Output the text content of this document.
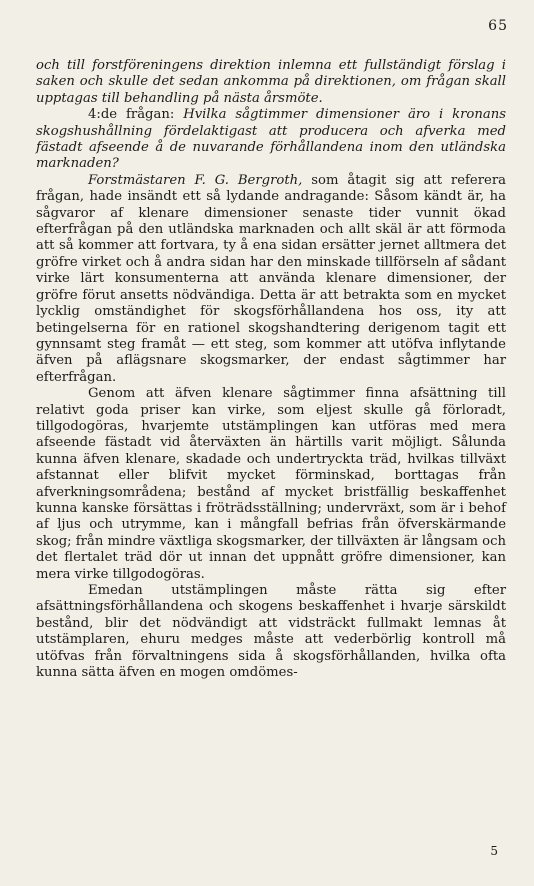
65

och till forstföreningens direktion inlemna ett fullständigt förslag i saken och skulle det sedan ankomma på direktionen, om frågan skall upptagas till behandling på nästa årsmöte.

4:de frågan: Hvilka sågtimmer dimensioner äro i kronans skogshushållning fördelaktigast att producera och afverka med fästadt afseende å de nuvarande förhållandena inom den utländska marknaden?

Forstmästaren F. G. Bergroth, som åtagit sig att referera frågan, hade insändt ett så lydande andragande: Såsom kändt är, ha sågvaror af klenare dimensioner senaste tider vunnit ökad efterfrågan på den utländska marknaden och allt skäl är att förmoda att så kommer att fortvara, ty å ena sidan ersätter jernet alltmera det gröfre virket och å andra sidan har den minskade tillförseln af sådant virke lärt konsumenterna att använda klenare dimensioner, der gröfre förut ansetts nödvändiga. Detta är att betrakta som en mycket lycklig omständighet för skogsförhållandena hos oss, ity att betingelserna för en rationel skogshandtering derigenom tagit ett gynnsamt steg framåt — ett steg, som kommer att utöfva inflytande äfven på aflägsnare skogsmarker, der endast sågtimmer har efterfrågan.

Genom att äfven klenare sågtimmer finna afsättning till relativt goda priser kan virke, som eljest skulle gå förloradt, tillgodogöras, hvarjemte utstämplingen kan utföras med mera afseende fästadt vid återväxten än härtills varit möjligt. Sålunda kunna äfven klenare, skadade och undertryckta träd, hvilkas tillväxt afstannat eller blifvit mycket förminskad, borttagas från afverkningsområdena; bestånd af mycket bristfällig beskaffenhet kunna kanske försättas i fröträdsställning; undervräxt, som är i behof af ljus och utrymme, kan i mångfall befrias från öfverskärmande skog; från mindre växtliga skogsmarker, der tillväxten är långsam och det flertalet träd dör ut innan det uppnått gröfre dimensioner, kan mera virke tillgodogöras.

Emedan utstämplingen måste rätta sig efter afsättningsförhållandena och skogens beskaffenhet i hvarje särskildt bestånd, blir det nödvändigt att vidsträckt fullmakt lemnas åt utstämplaren, ehuru medges måste att vederbörlig kontroll må utöfvas från förvaltningens sida å skogsförhållanden, hvilka ofta kunna sätta äfven en mogen omdömes-

5
